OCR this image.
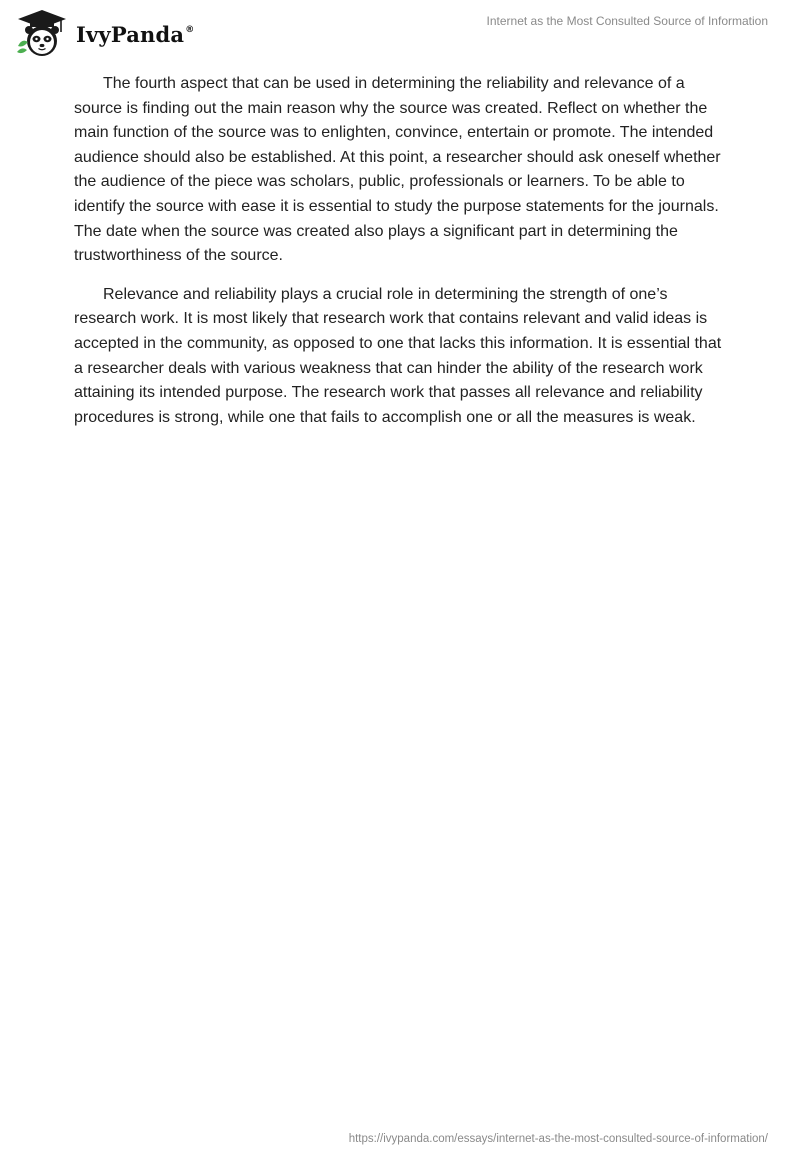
IvyPanda®
Internet as the Most Consulted Source of Information

The fourth aspect that can be used in determining the reliability and relevance of a source is finding out the main reason why the source was created. Reflect on whether the main function of the source was to enlighten, convince, entertain or promote. The intended audience should also be established. At this point, a researcher should ask oneself whether the audience of the piece was scholars, public, professionals or learners. To be able to identify the source with ease it is essential to study the purpose statements for the journals. The date when the source was created also plays a significant part in determining the trustworthiness of the source.

Relevance and reliability plays a crucial role in determining the strength of one’s research work. It is most likely that research work that contains relevant and valid ideas is accepted in the community, as opposed to one that lacks this information. It is essential that a researcher deals with various weakness that can hinder the ability of the research work attaining its intended purpose. The research work that passes all relevance and reliability procedures is strong, while one that fails to accomplish one or all the measures is weak.

https://ivypanda.com/essays/internet-as-the-most-consulted-source-of-information/
